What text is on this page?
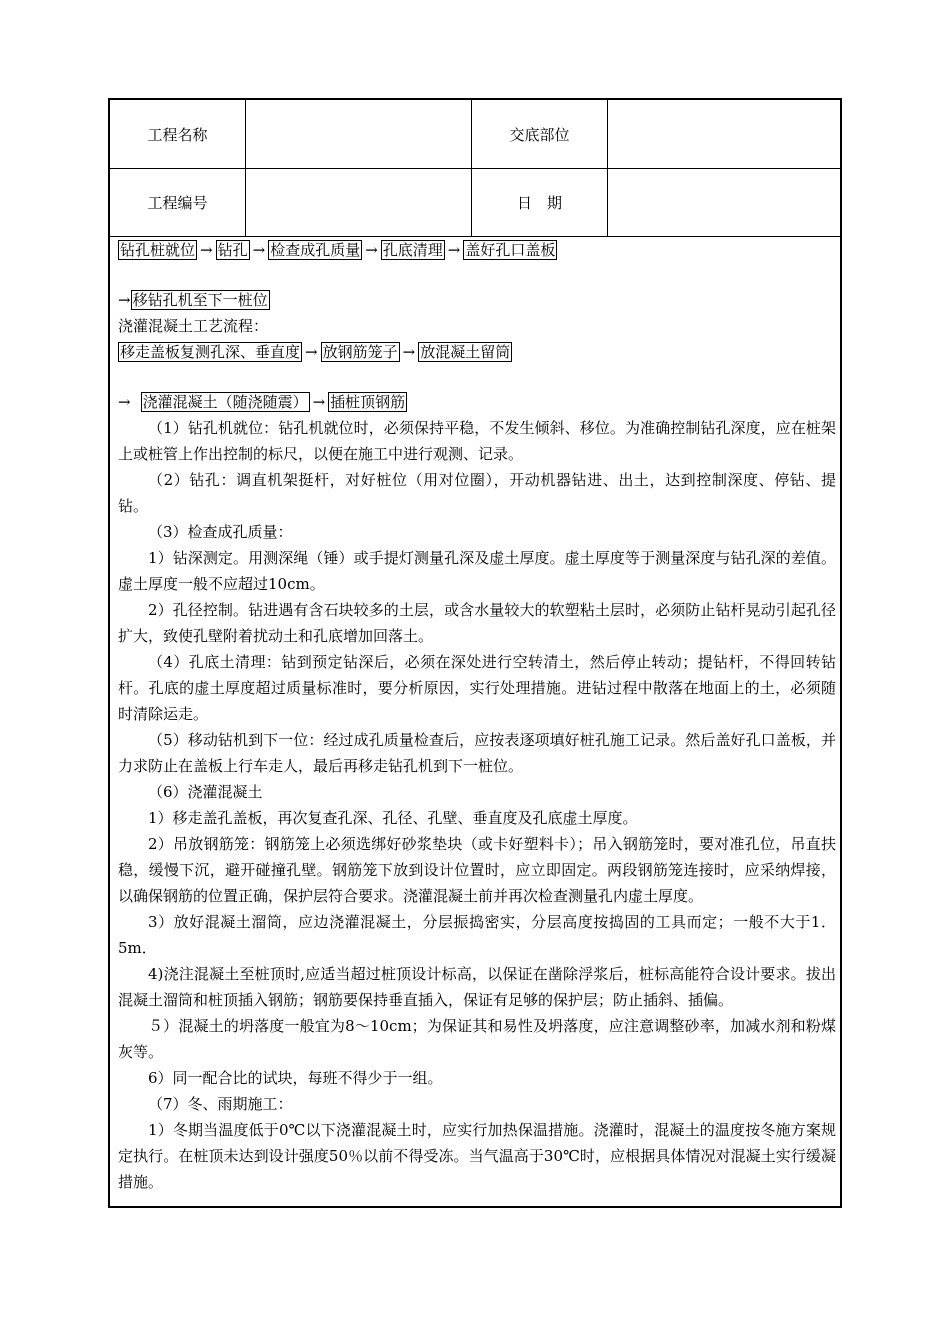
工程名称	交底部位
工程编号	日　期
钻孔桩就位 → 钻孔 → 检查成孔质量 → 孔底清理 → 盖好孔口盖板
→ 移钻孔机至下一桩位
浇灌混凝土工艺流程：
移走盖板复测孔深、垂直度 → 放钢筋笼子 → 放混凝土留筒
→浇灌混凝土（随浇随震） → 插桩顶钢筋

（1）钻孔机就位：钻孔机就位时，必须保持平稳，不发生倾斜、移位。为准确控制钻孔深度，应在桩架上或桩管上作出控制的标尺，以便在施工中进行观测、记录。

（2）钻孔：调直机架挺杆，对好桩位（用对位圈），开动机器钻进、出土，达到控制深度、停钻、提钻。

（3）检查成孔质量：

1）钻深测定。用测深绳（锤）或手提灯测量孔深及虚土厚度。虚土厚度等于测量深度与钻孔深的差值。虚土厚度一般不应超过10cm。

2）孔径控制。钻进遇有含石块较多的土层，或含水量较大的软塑粘土层时，必须防止钻杆晃动引起孔径扩大，致使孔壁附着扰动土和孔底增加回落土。

（4）孔底土清理：钻到预定钻深后，必须在深处进行空转清土，然后停止转动；提钻杆，不得回转钻杆。孔底的虚土厚度超过质量标准时，要分析原因，实行处理措施。进钻过程中散落在地面上的土，必须随时清除运走。

（5）移动钻机到下一位：经过成孔质量检查后，应按表逐项填好桩孔施工记录。然后盖好孔口盖板，并力求防止在盖板上行车走人，最后再移走钻孔机到下一桩位。

（6）浇灌混凝土

1）移走盖孔盖板，再次复查孔深、孔径、孔壁、垂直度及孔底虚土厚度。

2）吊放钢筋笼：钢筋笼上必须选绑好砂浆垫块（或卡好塑料卡）；吊入钢筋笼时，要对准孔位，吊直扶稳，缓慢下沉，避开碰撞孔壁。钢筋笼下放到设计位置时，应立即固定。两段钢筋笼连接时，应采纳焊接，以确保钢筋的位置正确，保护层符合要求。浇灌混凝土前并再次检查测量孔内虚土厚度。

3）放好混凝土溜筒，应边浇灌混凝土，分层振捣密实，分层高度按捣固的工具而定；一般不大于1．5m．

4)浇注混凝土至桩顶时,应适当超过桩顶设计标高，以保证在凿除浮浆后，桩标高能符合设计要求。拔出混凝土溜筒和桩顶插入钢筋；钢筋要保持垂直插入，保证有足够的保护层；防止插斜、插偏。

５）混凝土的坍落度一般宜为8～10cm；为保证其和易性及坍落度，应注意调整砂率，加减水剂和粉煤灰等。

6）同一配合比的试块，每班不得少于一组。

（7）冬、雨期施工：

1）冬期当温度低于0℃以下浇灌混凝土时，应实行加热保温措施。浇灌时，混凝土的温度按冬施方案规定执行。在桩顶未达到设计强度50％以前不得受冻。当气温高于30℃时，应根据具体情况对混凝土实行缓凝措施。
